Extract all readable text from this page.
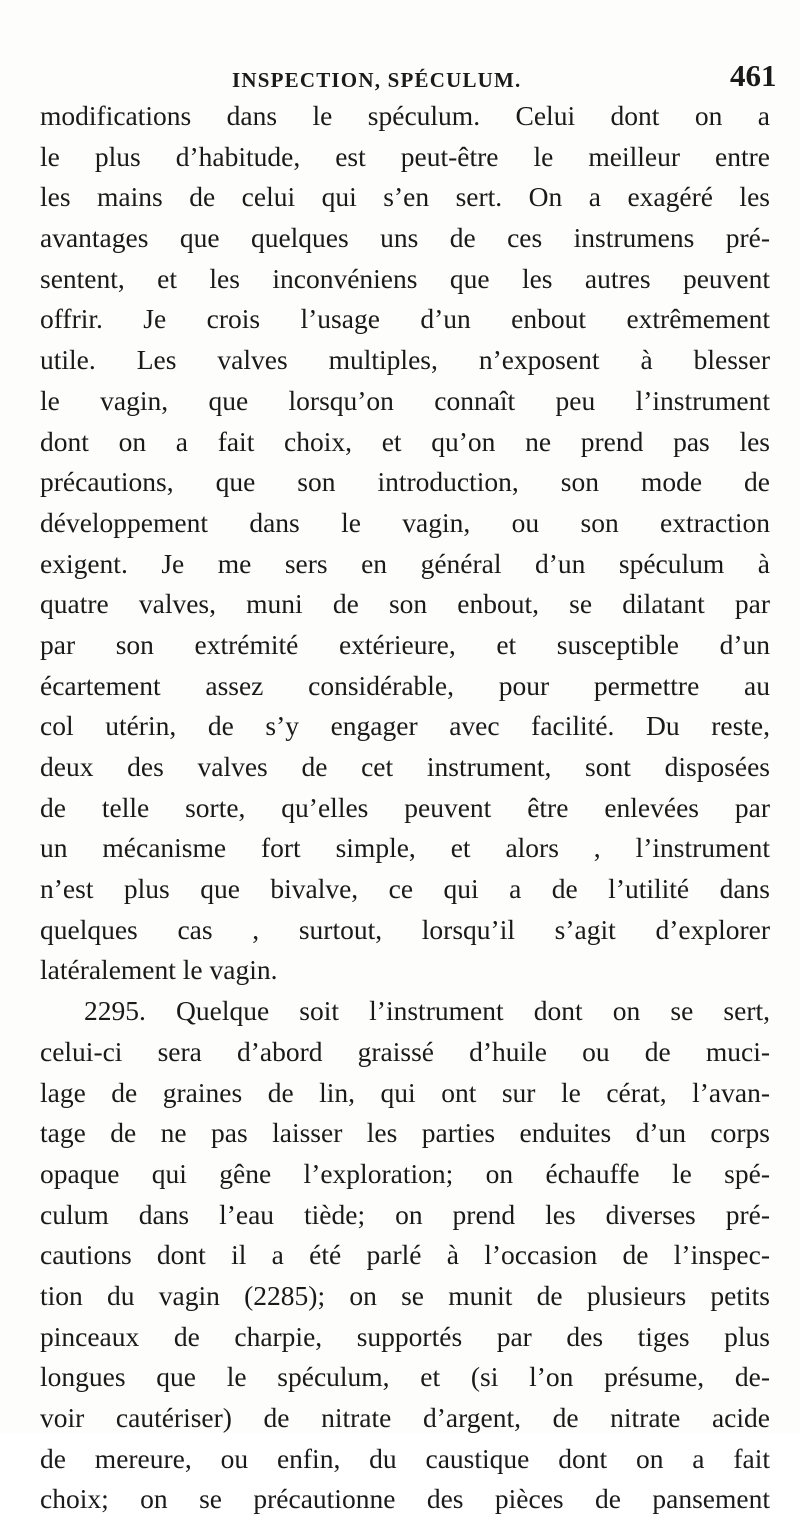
INSPECTION, SPÉCULUM.	461
modifications dans le spéculum. Celui dont on a
le plus d’habitude, est peut-être le meilleur entre
les mains de celui qui s’en sert. On a exagéré les
avantages que quelques uns de ces instrumens pré-
sentent, et les inconvéniens que les autres peuvent
offrir. Je crois l’usage d’un enbout extrêmement
utile. Les valves multiples, n’exposent à blesser
le vagin, que lorsqu’on connaît peu l’instrument
dont on a fait choix, et qu’on ne prend pas les
précautions, que son introduction, son mode de
développement dans le vagin, ou son extraction
exigent. Je me sers en général d’un spéculum à
quatre valves, muni de son enbout, se dilatant par
par son extrémité extérieure, et susceptible d’un
écartement assez considérable, pour permettre au
col utérin, de s’y engager avec facilité. Du reste,
deux des valves de cet instrument, sont disposées
de telle sorte, qu’elles peuvent être enlevées par
un mécanisme fort simple, et alors , l’instrument
n’est plus que bivalve, ce qui a de l’utilité dans
quelques cas , surtout, lorsqu’il s’agit d’explorer
latéralement le vagin.
2295. Quelque soit l’instrument dont on se sert,
celui-ci sera d’abord graissé d’huile ou de muci-
lage de graines de lin, qui ont sur le cérat, l’avan-
tage de ne pas laisser les parties enduites d’un corps
opaque qui gêne l’exploration; on échauffe le spé-
culum dans l’eau tiède; on prend les diverses pré-
cautions dont il a été parlé à l’occasion de l’inspec-
tion du vagin (2285); on se munit de plusieurs petits
pinceaux de charpie, supportés par des tiges plus
longues que le spéculum, et (si l’on présume, de-
voir cautériser) de nitrate d’argent, de nitrate acide
de mereure, ou enfin, du caustique dont on a fait
choix; on se précautionne des pièces de pansement
